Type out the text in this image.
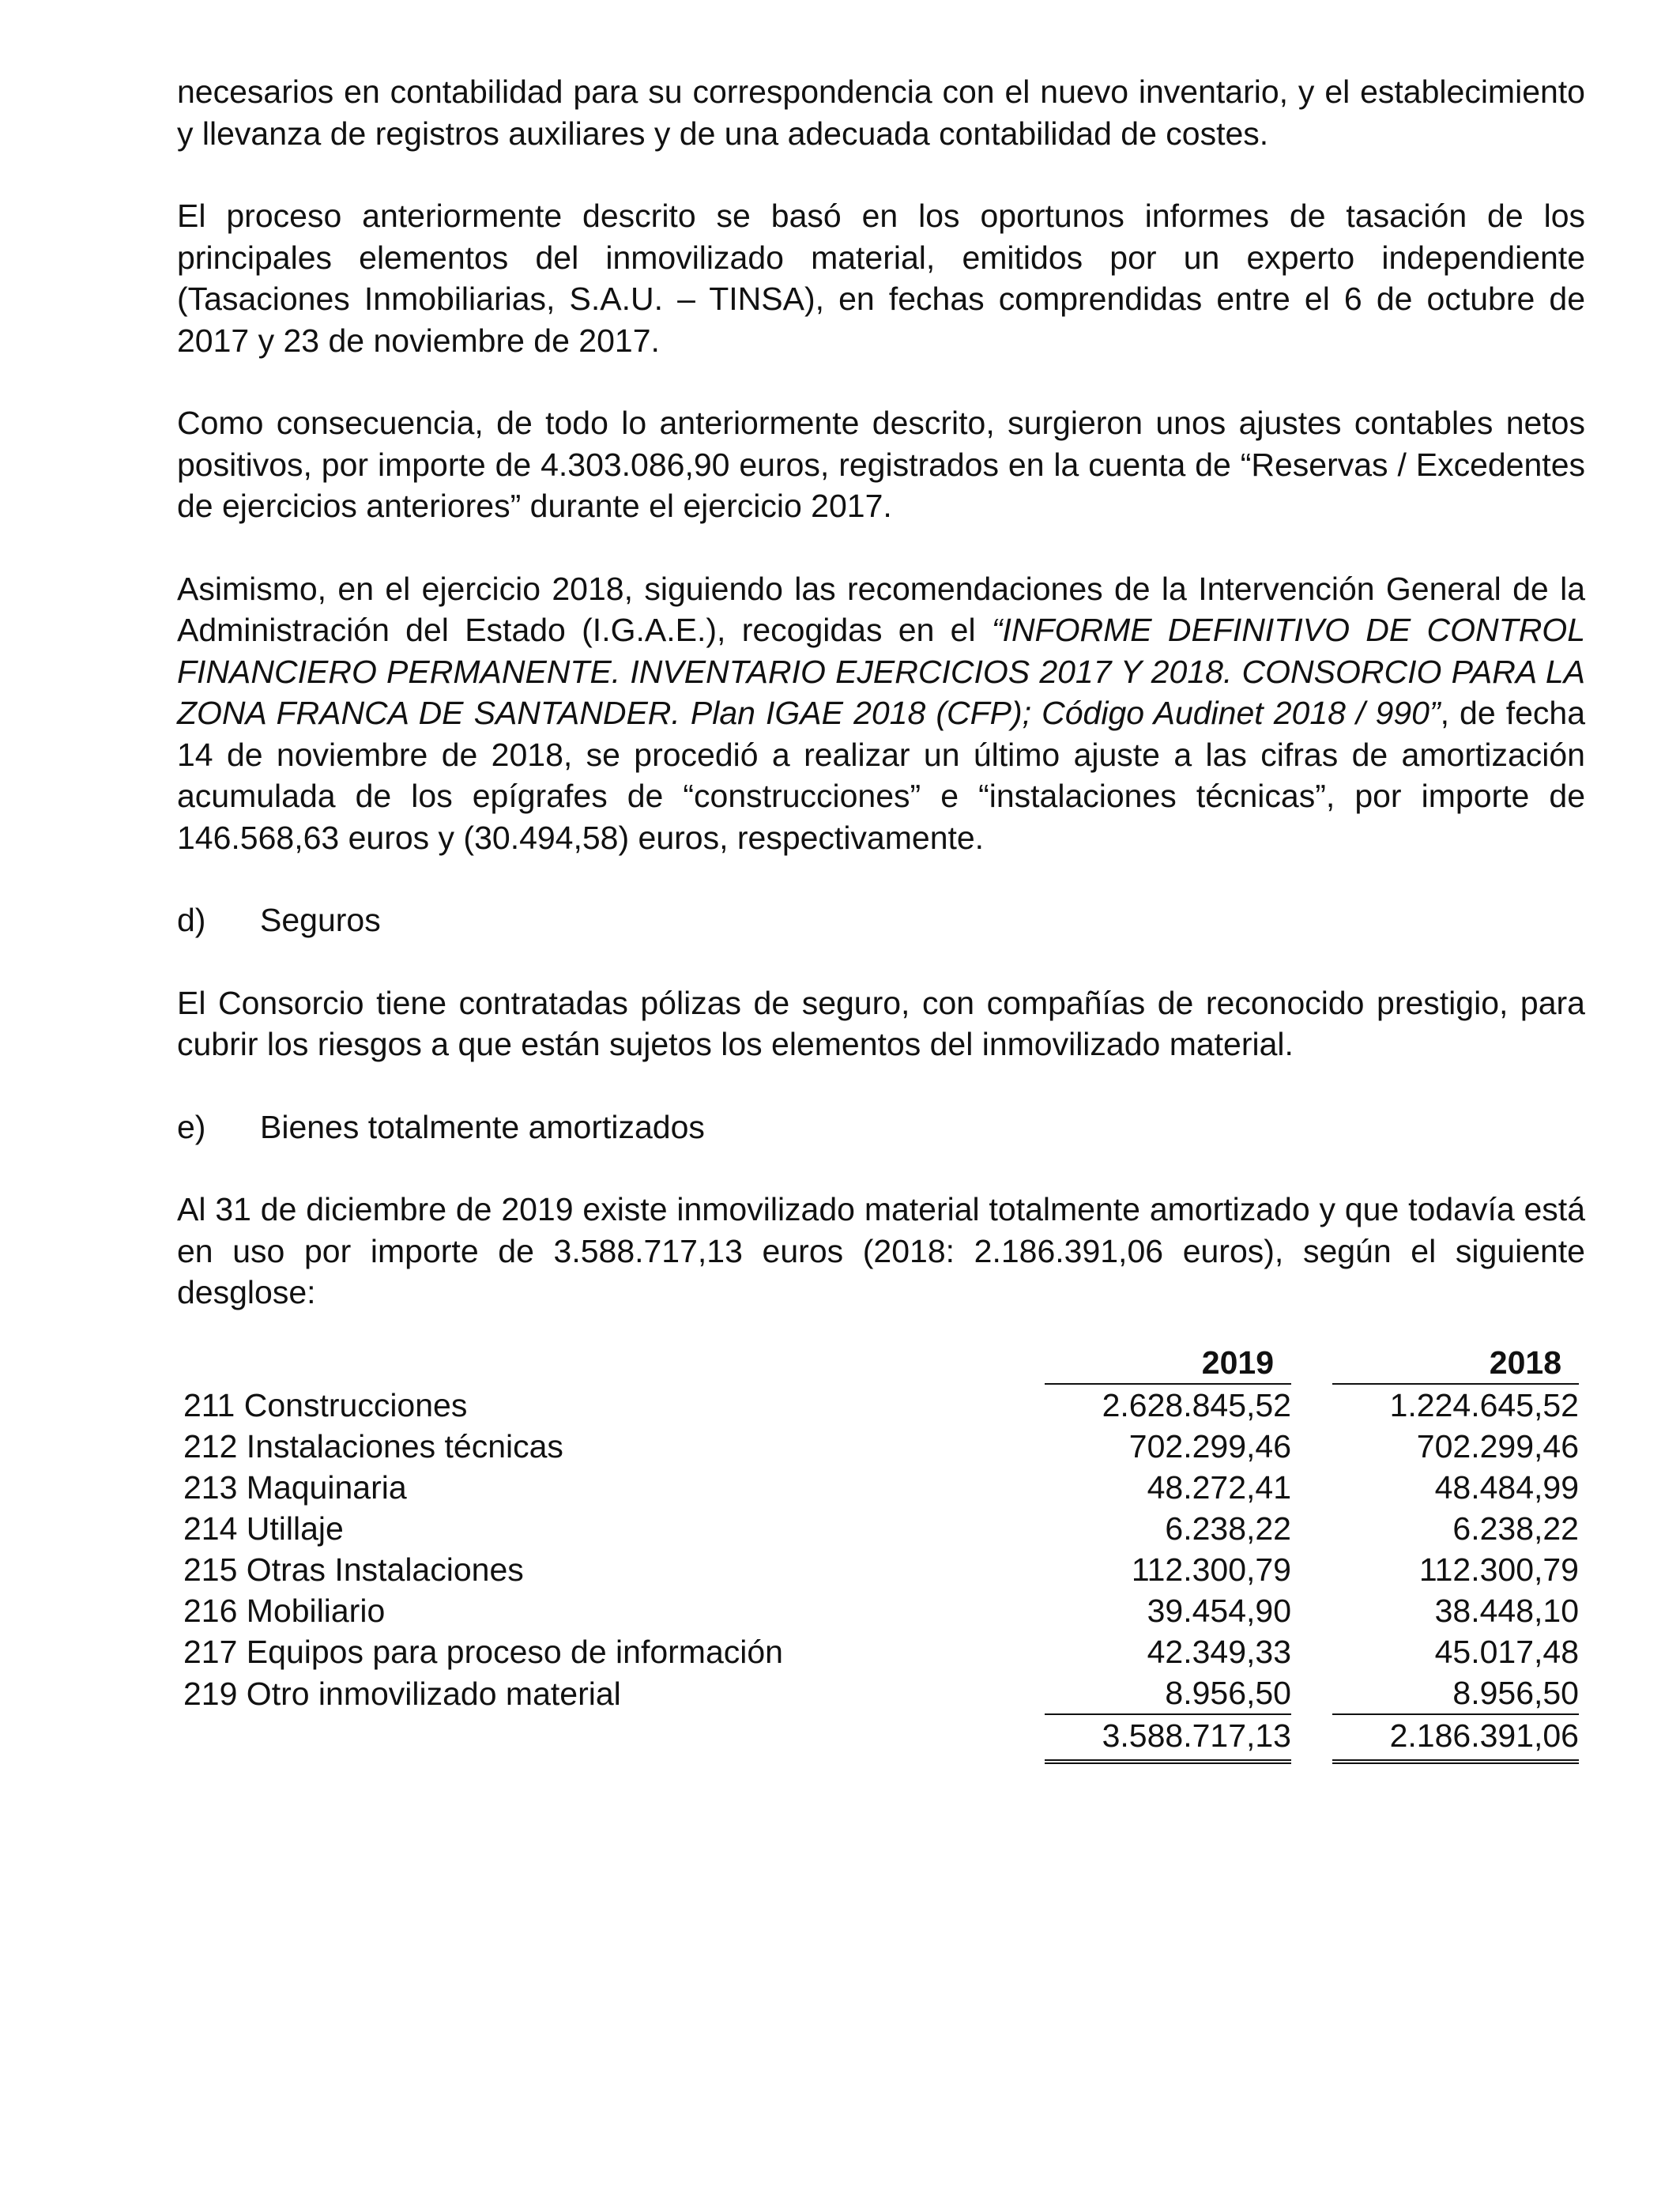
necesarios en contabilidad para su correspondencia con el nuevo inventario, y el establecimiento y llevanza de registros auxiliares y de una adecuada contabilidad de costes.

El proceso anteriormente descrito se basó en los oportunos informes de tasación de los principales elementos del inmovilizado material, emitidos por un experto independiente (Tasaciones Inmobiliarias, S.A.U. – TINSA), en fechas comprendidas entre el 6 de octubre de 2017 y 23 de noviembre de 2017.

Como consecuencia, de todo lo anteriormente descrito, surgieron unos ajustes contables netos positivos, por importe de 4.303.086,90 euros, registrados en la cuenta de “Reservas / Excedentes de ejercicios anteriores” durante el ejercicio 2017.

Asimismo, en el ejercicio 2018, siguiendo las recomendaciones de la Intervención General de la Administración del Estado (I.G.A.E.), recogidas en el “INFORME DEFINITIVO DE CONTROL FINANCIERO PERMANENTE. INVENTARIO EJERCICIOS 2017 Y 2018. CONSORCIO PARA LA ZONA FRANCA DE SANTANDER. Plan IGAE 2018 (CFP); Código Audinet 2018 / 990”, de fecha 14 de noviembre de 2018, se procedió a realizar un último ajuste a las cifras de amortización acumulada de los epígrafes de “construcciones” e “instalaciones técnicas”, por importe de 146.568,63 euros y (30.494,58) euros, respectivamente.

d)	Seguros

El Consorcio tiene contratadas pólizas de seguro, con compañías de reconocido prestigio, para cubrir los riesgos a que están sujetos los elementos del inmovilizado material.

e)	Bienes totalmente amortizados

Al 31 de diciembre de 2019 existe inmovilizado material totalmente amortizado y que todavía está en uso por importe de 3.588.717,13 euros (2018: 2.186.391,06 euros), según el siguiente desglose:

	2019		2018
211 Construcciones	2.628.845,52		1.224.645,52
212 Instalaciones técnicas	702.299,46		702.299,46
213 Maquinaria	48.272,41		48.484,99
214 Utillaje	6.238,22		6.238,22
215 Otras Instalaciones	112.300,79		112.300,79
216 Mobiliario	39.454,90		38.448,10
217 Equipos para proceso de información	42.349,33		45.017,48
219 Otro inmovilizado material	8.956,50		8.956,50
	3.588.717,13		2.186.391,06
